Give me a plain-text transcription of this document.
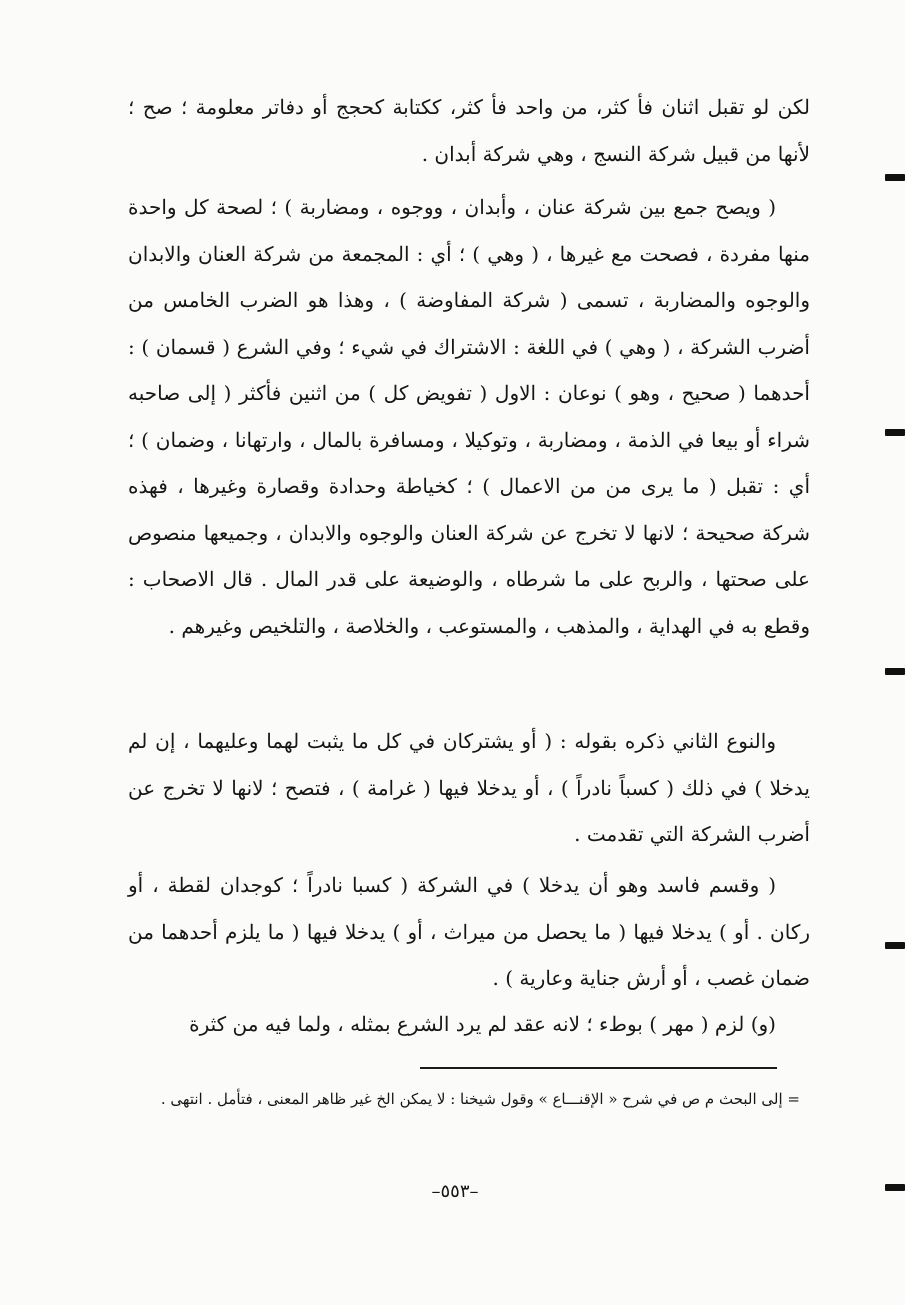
لكن لو تقبل اثنان فأ كثر، من واحد فأ كثر، ككتابة كحجج أو دفاتر معلومة ؛ صح ؛ لأنها من قبيل شركة النسج ، وهي شركة أبدان .

( ويصح جمع بين شركة عنان ، وأبدان ، ووجوه ، ومضاربة ) ؛ لصحة كل واحدة منها مفردة ، فصحت مع غيرها ، ( وهي ) ؛ أي : المجمعة من شركة العنان والابدان والوجوه والمضاربة ، تسمى ( شركة المفاوضة ) ، وهذا هو الضرب الخامس من أضرب الشركة ، ( وهي ) في اللغة : الاشتراك في شيء ؛ وفي الشرع ( قسمان ) : أحدهما ( صحيح ، وهو ) نوعان : الاول ( تفويض كل ) من اثنين فأكثر ( إلى صاحبه شراء أو بيعا في الذمة ، ومضاربة ، وتوكيلا ، ومسافرة بالمال ، وارتهانا ، وضمان ) ؛ أي : تقبل ( ما يرى من من الاعمال ) ؛ كخياطة وحدادة وقصارة وغيرها ، فهذه شركة صحيحة ؛ لانها لا تخرج عن شركة العنان والوجوه والابدان ، وجميعها منصوص على صحتها ، والربح على ما شرطاه ، والوضيعة على قدر المال . قال الاصحاب : وقطع به في الهداية ، والمذهب ، والمستوعب ، والخلاصة ، والتلخيص وغيرهم .

والنوع الثاني ذكره بقوله : ( أو يشتركان في كل ما يثبت لهما وعليهما ، إن لم يدخلا ) في ذلك ( كسباً نادراً ) ، أو يدخلا فيها ( غرامة ) ، فتصح ؛ لانها لا تخرج عن أضرب الشركة التي تقدمت .

( وقسم فاسد وهو أن يدخلا ) في الشركة ( كسبا نادراً ؛ كوجدان لقطة ، أو ركان . أو ) يدخلا فيها ( ما يحصل من ميراث ، أو ) يدخلا فيها ( ما يلزم أحدهما من ضمان غصب ، أو أرش جناية وعارية ) .

(و) لزم ( مهر ) بوطء ؛ لانه عقد لم يرد الشرع بمثله ، ولما فيه من كثرة

= إلى البحث م ص في شرح « الإقنـــاع » وقول شيخنا : لا يمكن الخ غير ظاهر المعنى ، فتأمل . انتهى .
–٥٥٣–
